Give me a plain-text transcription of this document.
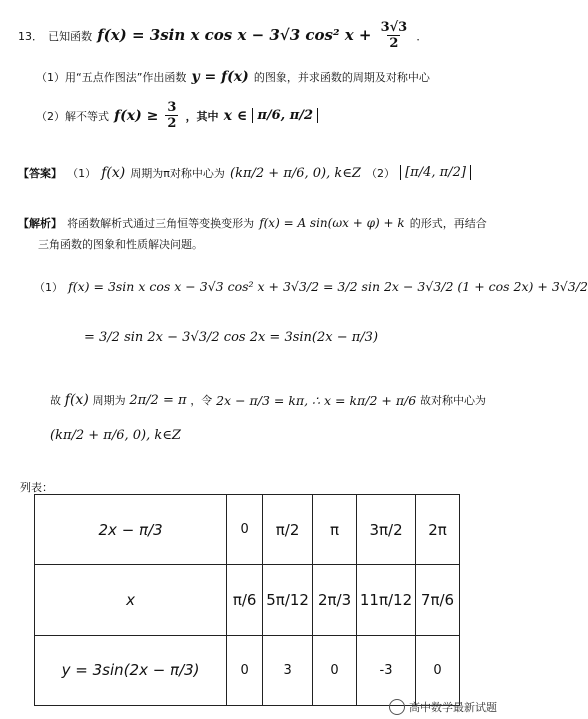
13． 已知函数 f(x) = 3sin x cos x − 3√3 cos² $x + \frac{3√3}{2}$ ．
（1）用“五点作图法”作出函数 y = f(x) 的图象，并求函数的周期及对称中心
（2）解不等式 $f(x) \ge \frac{3}{2}$ ，其中 x ∈ π/6, π/2
【答案】 （1） f(x) 周期为π对称中心为 (kπ/2 + π/6, 0), k∈Z （2） [π/4, π/2]
【解析】 将函数解析式通过三角恒等变换变形为 f(x) = A sin(ωx + φ) + k 的形式，再结合
三角函数的图象和性质解决问题。
（1） f(x) = 3sin x cos x − 3√3 cos² x + 3√3/2 = 3/2 sin 2x − 3√3/2 (1 + cos 2x) + 3√3/2
= 3/2 sin 2x − 3√3/2 cos 2x = 3sin(2x − π/3)
故 f(x) 周期为 2π/2 = π ，令 2x − π/3 = kπ, ∴ x = kπ/2 + π/6 故对称中心为
(kπ/2 + π/6, 0), k∈Z
列表：
2x − π/3	0	π/2	π	3π/2	2π
x	π/6	5π/12	2π/3	11π/12	7π/6
y = 3sin(2x − π/3)	0	3	0	-3	0
高中数学最新试题
